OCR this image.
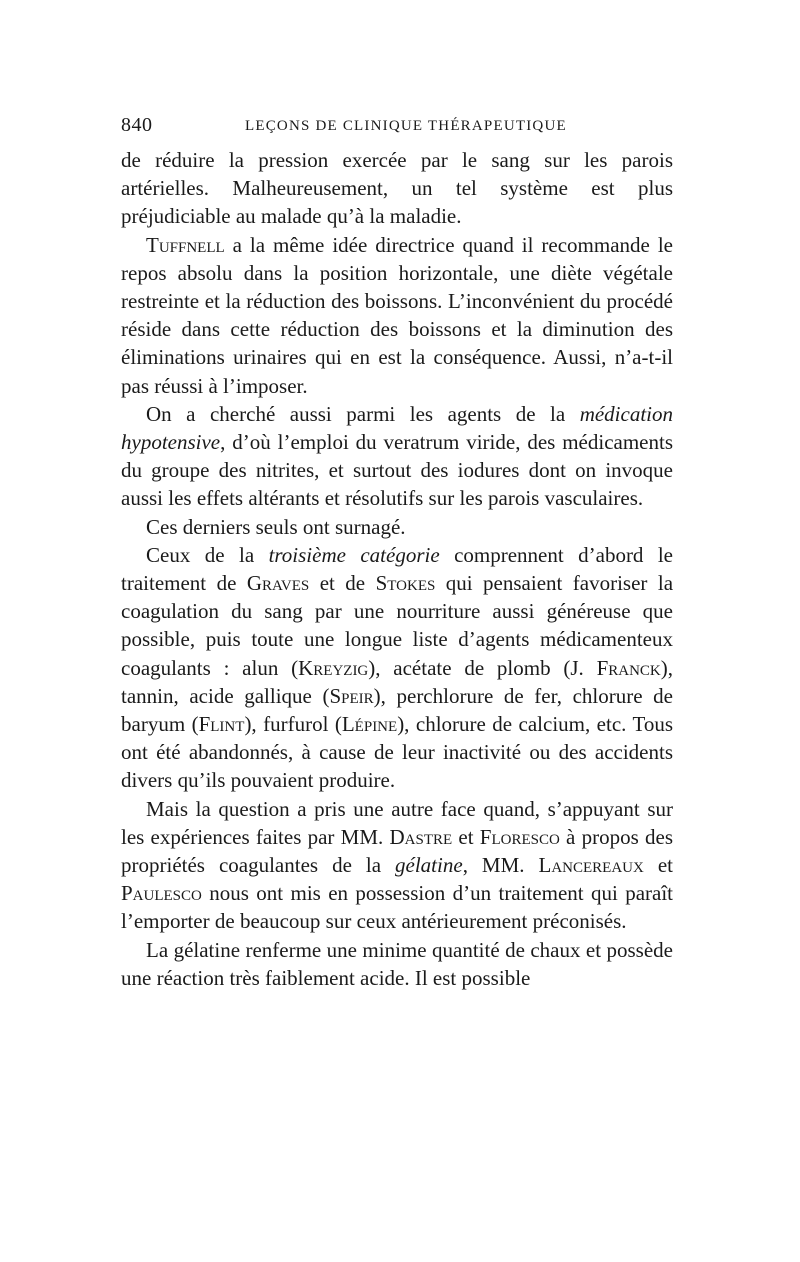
840	LEÇONS DE CLINIQUE THÉRAPEUTIQUE

de réduire la pression exercée par le sang sur les parois artérielles. Malheureusement, un tel système est plus préjudiciable au malade qu’à la maladie.

Tuffnell a la même idée directrice quand il recommande le repos absolu dans la position horizontale, une diète végétale restreinte et la réduction des boissons. L’inconvénient du procédé réside dans cette réduction des boissons et la diminution des éliminations urinaires qui en est la conséquence. Aussi, n’a-t-il pas réussi à l’imposer.

On a cherché aussi parmi les agents de la médication hypotensive, d’où l’emploi du veratrum viride, des médicaments du groupe des nitrites, et surtout des iodures dont on invoque aussi les effets altérants et résolutifs sur les parois vasculaires.

Ces derniers seuls ont surnagé.

Ceux de la troisième catégorie comprennent d’abord le traitement de Graves et de Stokes qui pensaient favoriser la coagulation du sang par une nourriture aussi généreuse que possible, puis toute une longue liste d’agents médicamenteux coagulants : alun (Kreyzig), acétate de plomb (J. Franck), tannin, acide gallique (Speir), perchlorure de fer, chlorure de baryum (Flint), furfurol (Lépine), chlorure de calcium, etc. Tous ont été abandonnés, à cause de leur inactivité ou des accidents divers qu’ils pouvaient produire.

Mais la question a pris une autre face quand, s’appuyant sur les expériences faites par MM. Dastre et Floresco à propos des propriétés coagulantes de la gélatine, MM. Lancereaux et Paulesco nous ont mis en possession d’un traitement qui paraît l’emporter de beaucoup sur ceux antérieurement préconisés.

La gélatine renferme une minime quantité de chaux et possède une réaction très faiblement acide. Il est possible
